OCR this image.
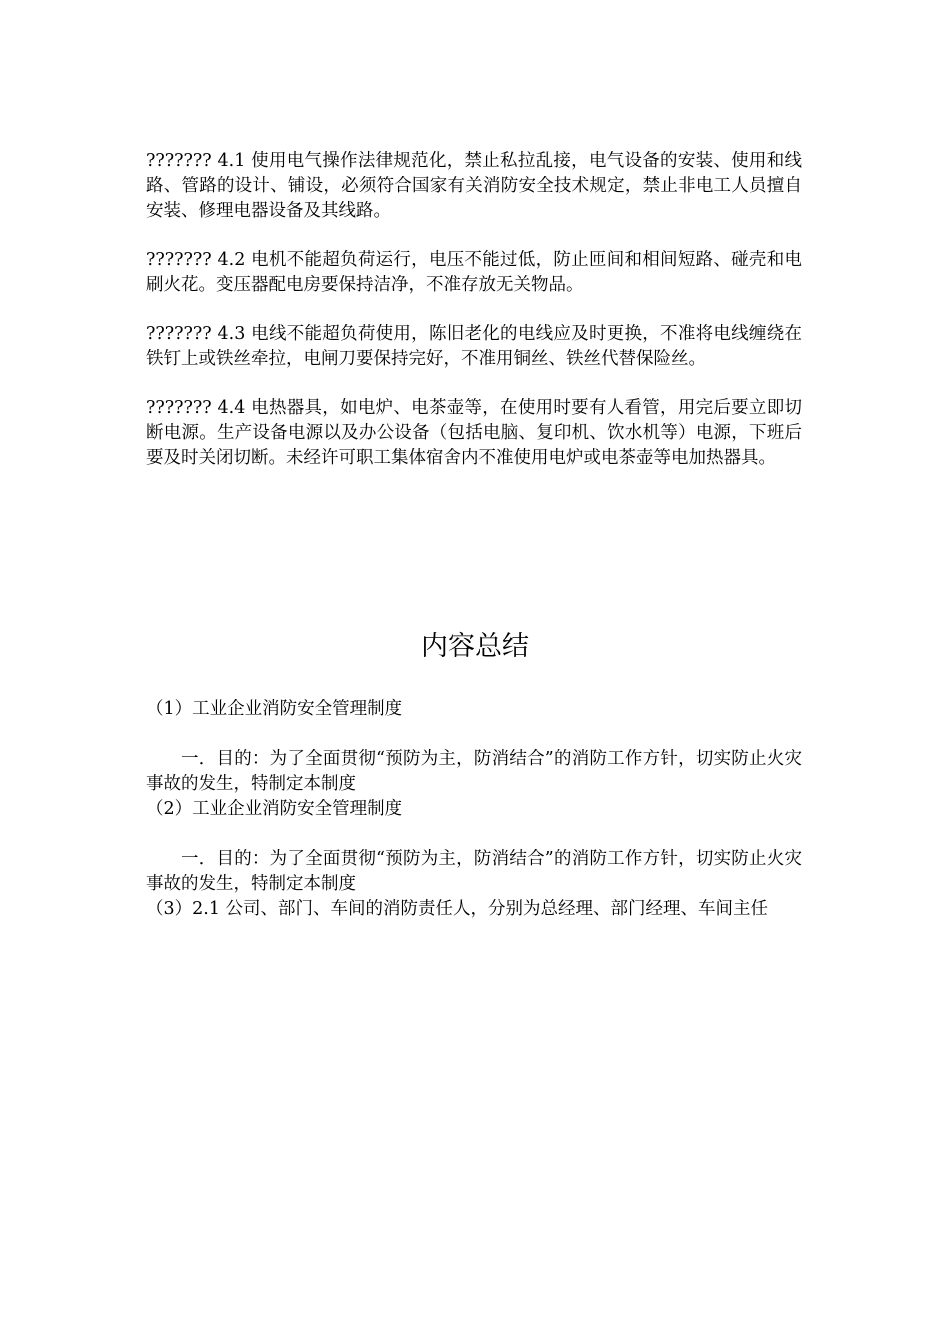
??????? 4.1 使用电气操作法律规范化，禁止私拉乱接，电气设备的安装、使用和线路、管路的设计、铺设，必须符合国家有关消防安全技术规定，禁止非电工人员擅自安装、修理电器设备及其线路。

??????? 4.2 电机不能超负荷运行，电压不能过低，防止匝间和相间短路、碰壳和电刷火花。变压器配电房要保持洁净，不准存放无关物品。

??????? 4.3 电线不能超负荷使用，陈旧老化的电线应及时更换，不准将电线缠绕在铁钉上或铁丝牵拉，电闸刀要保持完好，不准用铜丝、铁丝代替保险丝。

??????? 4.4 电热器具，如电炉、电茶壶等，在使用时要有人看管，用完后要立即切断电源。生产设备电源以及办公设备（包括电脑、复印机、饮水机等）电源，下班后要及时关闭切断。未经许可职工集体宿舍内不准使用电炉或电茶壶等电加热器具。

内容总结

（1）工业企业消防安全管理制度

一．目的：为了全面贯彻“预防为主，防消结合”的消防工作方针，切实防止火灾事故的发生，特制定本制度

（2）工业企业消防安全管理制度

一．目的：为了全面贯彻“预防为主，防消结合”的消防工作方针，切实防止火灾事故的发生，特制定本制度

（3）2.1 公司、部门、车间的消防责任人，分别为总经理、部门经理、车间主任
